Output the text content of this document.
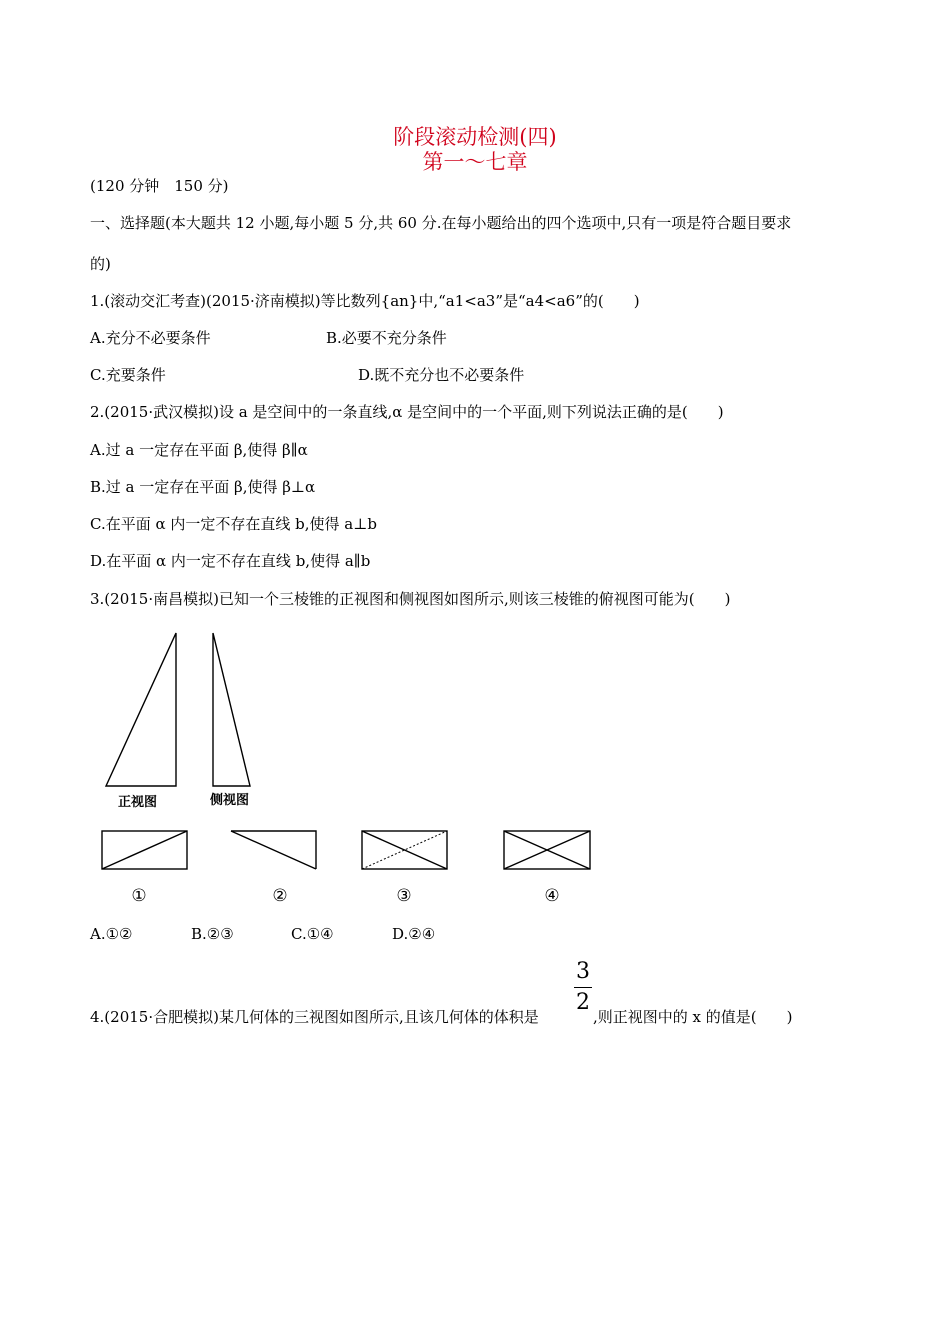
阶段滚动检测(四)
第一～七章
(120 分钟　150 分)
一、选择题(本大题共 12 小题,每小题 5 分,共 60 分.在每小题给出的四个选项中,只有一项是符合题目要求
的)
1.(滚动交汇考查)(2015·济南模拟)等比数列{an}中,“a1<a3”是“a4<a6”的(　　)
A.充分不必要条件	B.必要不充分条件
C.充要条件	D.既不充分也不必要条件
2.(2015·武汉模拟)设 a 是空间中的一条直线,α 是空间中的一个平面,则下列说法正确的是(　　)
A.过 a 一定存在平面 β,使得 β∥α
B.过 a 一定存在平面 β,使得 β⊥α
C.在平面 α 内一定不存在直线 b,使得 a⊥b
D.在平面 α 内一定不存在直线 b,使得 a∥b
3.(2015·南昌模拟)已知一个三棱锥的正视图和侧视图如图所示,则该三棱锥的俯视图可能为(　　)
正视图	侧视图
①	②	③	④
A.①②	B.②③	C.①④	D.②④
4.(2015·合肥模拟)某几何体的三视图如图所示,且该几何体的体积是
3
2
,则正视图中的 x 的值是(　　)
